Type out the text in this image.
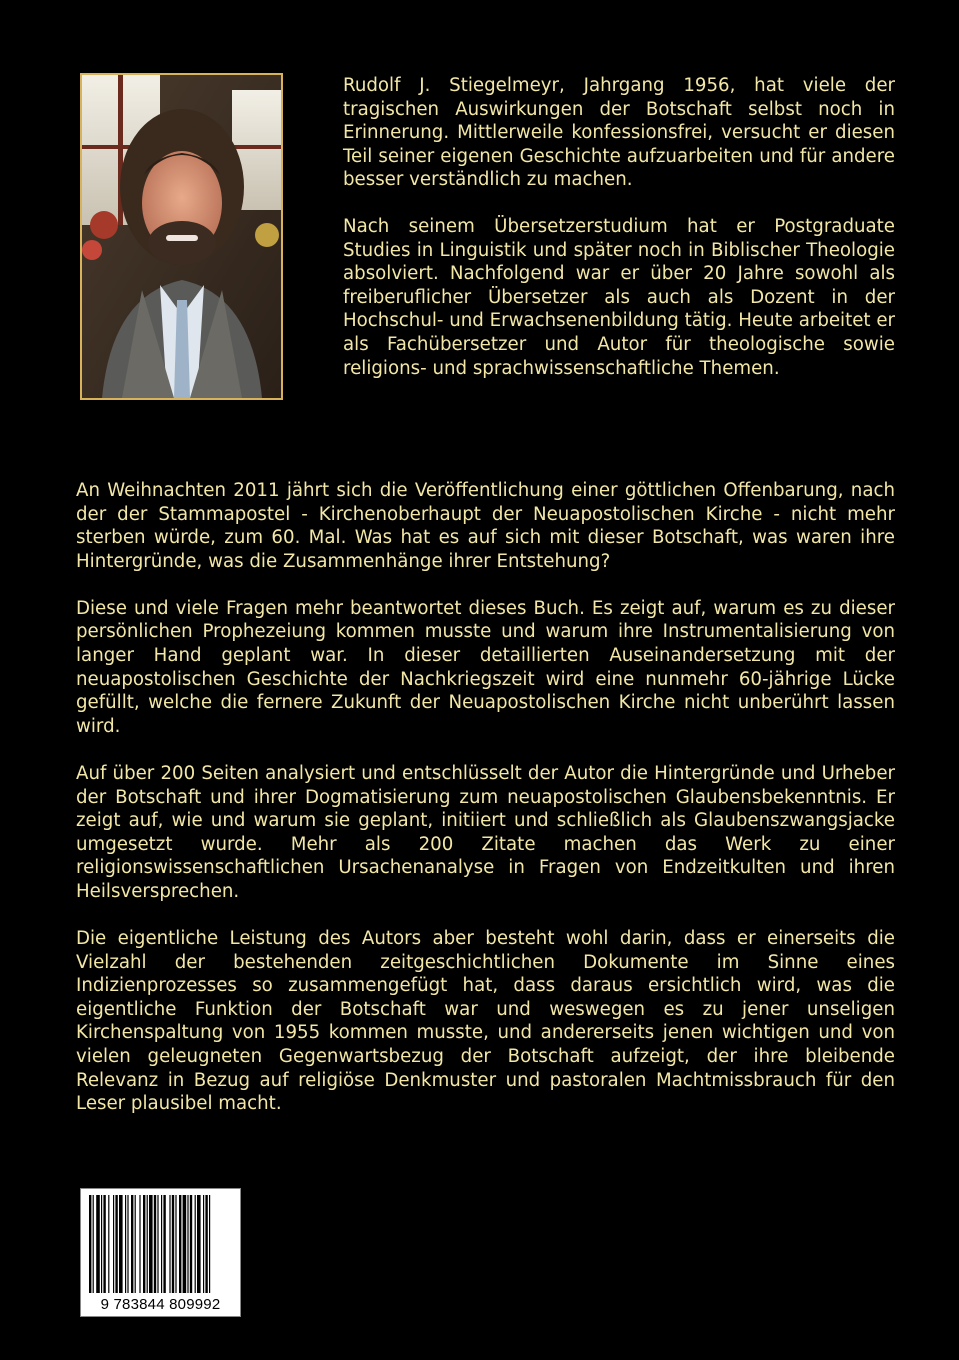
Rudolf J. Stiegelmeyr, Jahrgang 1956, hat viele der tragischen Auswirkungen der Botschaft selbst noch in Erinnerung. Mittlerweile konfessionsfrei, versucht er diesen Teil seiner eigenen Geschichte aufzuarbeiten und für andere besser verständlich zu machen.

Nach seinem Übersetzerstudium hat er Postgraduate Studies in Linguistik und später noch in Biblischer Theologie absolviert. Nachfolgend war er über 20 Jahre sowohl als freiberuflicher Übersetzer als auch als Dozent in der Hochschul- und Erwachsenenbildung tätig. Heute arbeitet er als Fachübersetzer und Autor für theologische sowie religions- und sprachwissenschaftliche Themen.

An Weihnachten 2011 jährt sich die Veröffentlichung einer göttlichen Offenbarung, nach der der Stammapostel - Kirchenoberhaupt der Neuapostolischen Kirche - nicht mehr sterben würde, zum 60. Mal. Was hat es auf sich mit dieser Botschaft, was waren ihre Hintergründe, was die Zusammenhänge ihrer Entstehung?

Diese und viele Fragen mehr beantwortet dieses Buch. Es zeigt auf, warum es zu dieser persönlichen Prophezeiung kommen musste und warum ihre Instrumentalisierung von langer Hand geplant war. In dieser detaillierten Auseinandersetzung mit der neuapostolischen Geschichte der Nachkriegszeit wird eine nunmehr 60-jährige Lücke gefüllt, welche die fernere Zukunft der Neuapostolischen Kirche nicht unberührt lassen wird.

Auf über 200 Seiten analysiert und entschlüsselt der Autor die Hintergründe und Urheber der Botschaft und ihrer Dogmatisierung zum neuapostolischen Glaubensbekenntnis. Er zeigt auf, wie und warum sie geplant, initiiert und schließlich als Glaubenszwangsjacke umgesetzt wurde. Mehr als 200 Zitate machen das Werk zu einer religionswissenschaftlichen Ursachenanalyse in Fragen von Endzeitkulten und ihren Heilsversprechen.

Die eigentliche Leistung des Autors aber besteht wohl darin, dass er einerseits die Vielzahl der bestehenden zeitgeschichtlichen Dokumente im Sinne eines Indizienprozesses so zusammengefügt hat, dass daraus ersichtlich wird, was die eigentliche Funktion der Botschaft war und weswegen es zu jener unseligen Kirchenspaltung von 1955 kommen musste, und andererseits jenen wichtigen und von vielen geleugneten Gegenwartsbezug der Botschaft aufzeigt, der ihre bleibende Relevanz in Bezug auf religiöse Denkmuster und pastoralen Machtmissbrauch für den Leser plausibel macht.

9 783844 809992
